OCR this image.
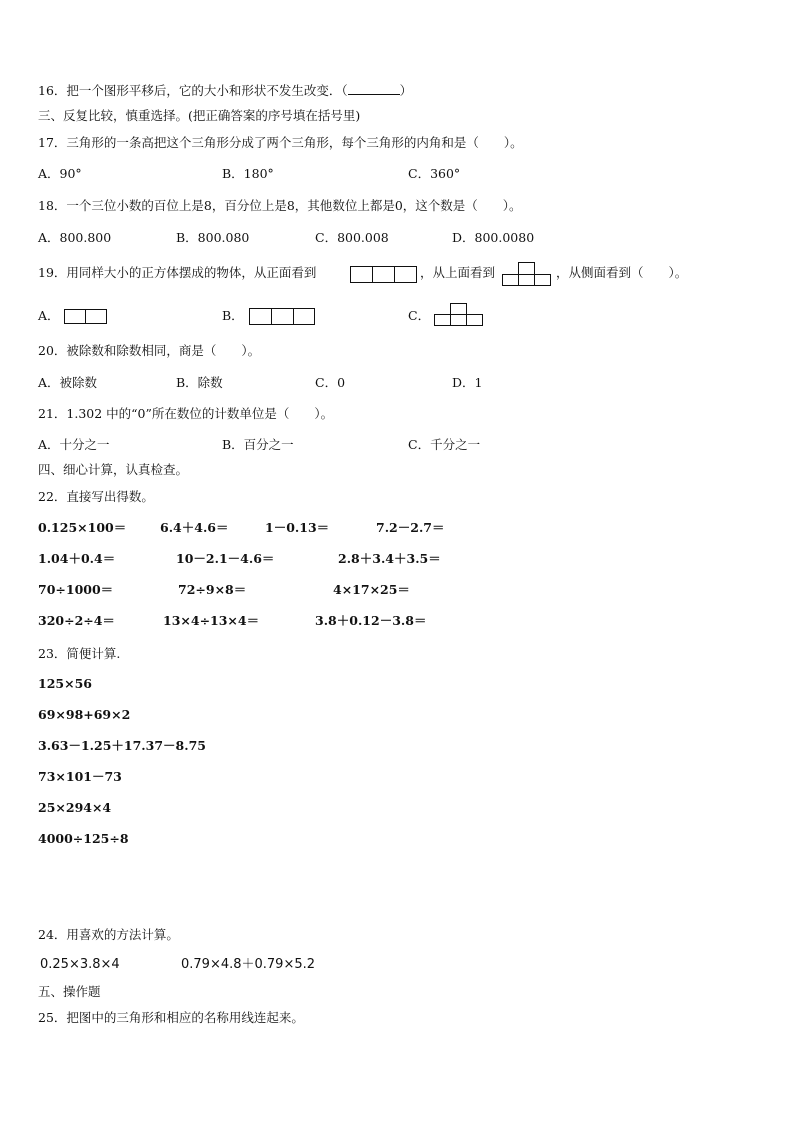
16．把一个图形平移后，它的大小和形状不发生改变．（	）
三、反复比较，慎重选择。(把正确答案的序号填在括号里)
17．三角形的一条高把这个三角形分成了两个三角形，每个三角形的内角和是（　　）。
A．90°	B．180°	C．360°
18．一个三位小数的百位上是8，百分位上是8，其他数位上都是0，这个数是（　　）。
A．800.800	B．800.080	C．800.008	D．800.0080
19．用同样大小的正方体摆成的物体，从正面看到	，从上面看到	，从侧面看到（　　）。
A．	B．	C．
20．被除数和除数相同，商是（　　）。
A．被除数	B．除数	C．0	D．1
21．1.302 中的“0”所在数位的计数单位是（　　）。
A．十分之一	B．百分之一	C．千分之一
四、细心计算，认真检查。
22．直接写出得数。
0.125×100＝	6.4＋4.6＝	1－0.13＝	7.2－2.7＝
1.04＋0.4＝	10－2.1－4.6＝	2.8＋3.4＋3.5＝
70÷1000＝	72÷9×8＝	4×17×25＝
320÷2÷4＝	13×4÷13×4＝	3.8＋0.12－3.8＝
23．简便计算.
125×56
69×98+69×2
3.63－1.25＋17.37－8.75
73×101－73
25×294×4
4000÷125÷8
24．用喜欢的方法计算。
0.25×3.8×4	0.79×4.8＋0.79×5.2
五、操作题
25．把图中的三角形和相应的名称用线连起来。
